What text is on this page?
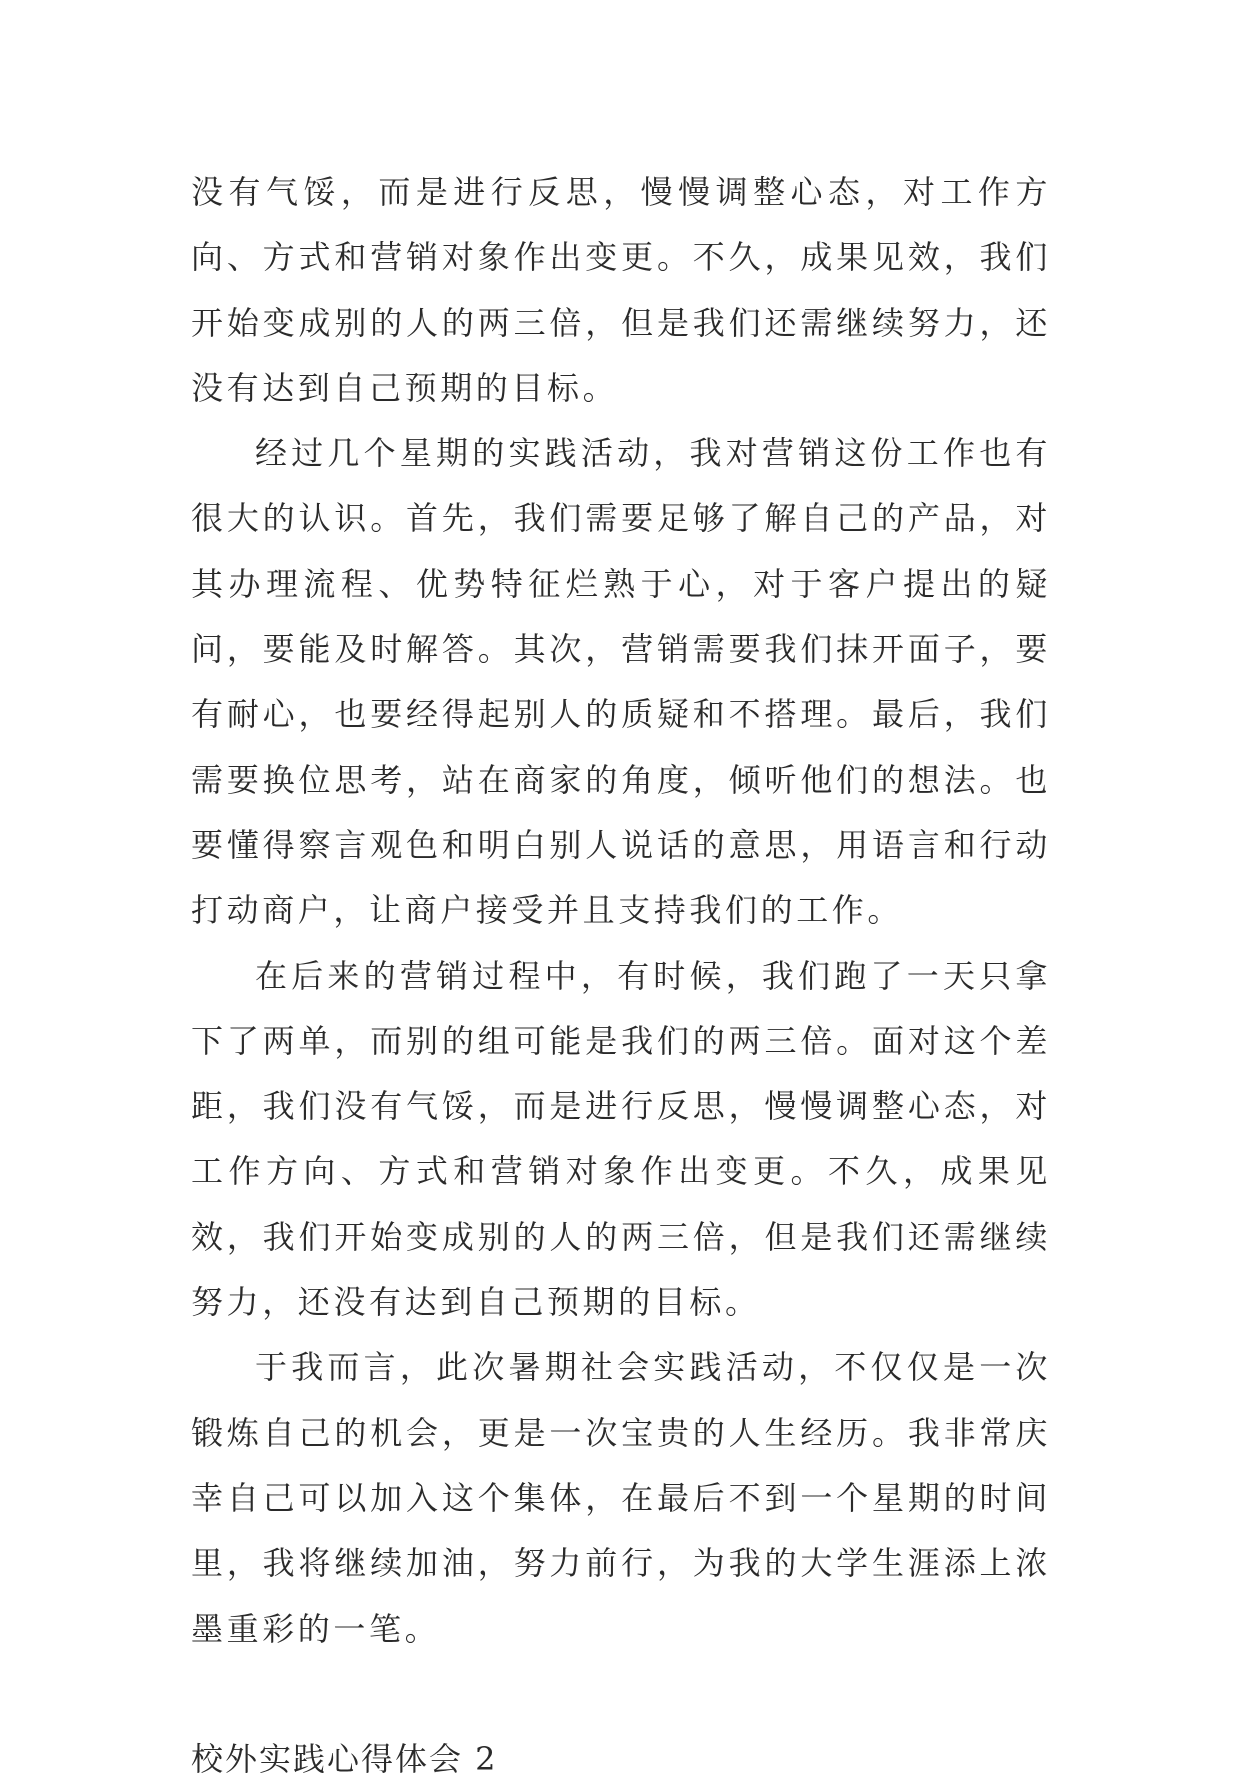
没有气馁，而是进行反思，慢慢调整心态，对工作方向、方式和营销对象作出变更。不久，成果见效，我们开始变成别的人的两三倍，但是我们还需继续努力，还没有达到自己预期的目标。

经过几个星期的实践活动，我对营销这份工作也有很大的认识。首先，我们需要足够了解自己的产品，对其办理流程、优势特征烂熟于心，对于客户提出的疑问，要能及时解答。其次，营销需要我们抹开面子，要有耐心，也要经得起别人的质疑和不搭理。最后，我们需要换位思考，站在商家的角度，倾听他们的想法。也要懂得察言观色和明白别人说话的意思，用语言和行动打动商户，让商户接受并且支持我们的工作。

在后来的营销过程中，有时候，我们跑了一天只拿下了两单，而别的组可能是我们的两三倍。面对这个差距，我们没有气馁，而是进行反思，慢慢调整心态，对工作方向、方式和营销对象作出变更。不久，成果见效，我们开始变成别的人的两三倍，但是我们还需继续努力，还没有达到自己预期的目标。

于我而言，此次暑期社会实践活动，不仅仅是一次锻炼自己的机会，更是一次宝贵的人生经历。我非常庆幸自己可以加入这个集体，在最后不到一个星期的时间里，我将继续加油，努力前行，为我的大学生涯添上浓墨重彩的一笔。

校外实践心得体会 2
